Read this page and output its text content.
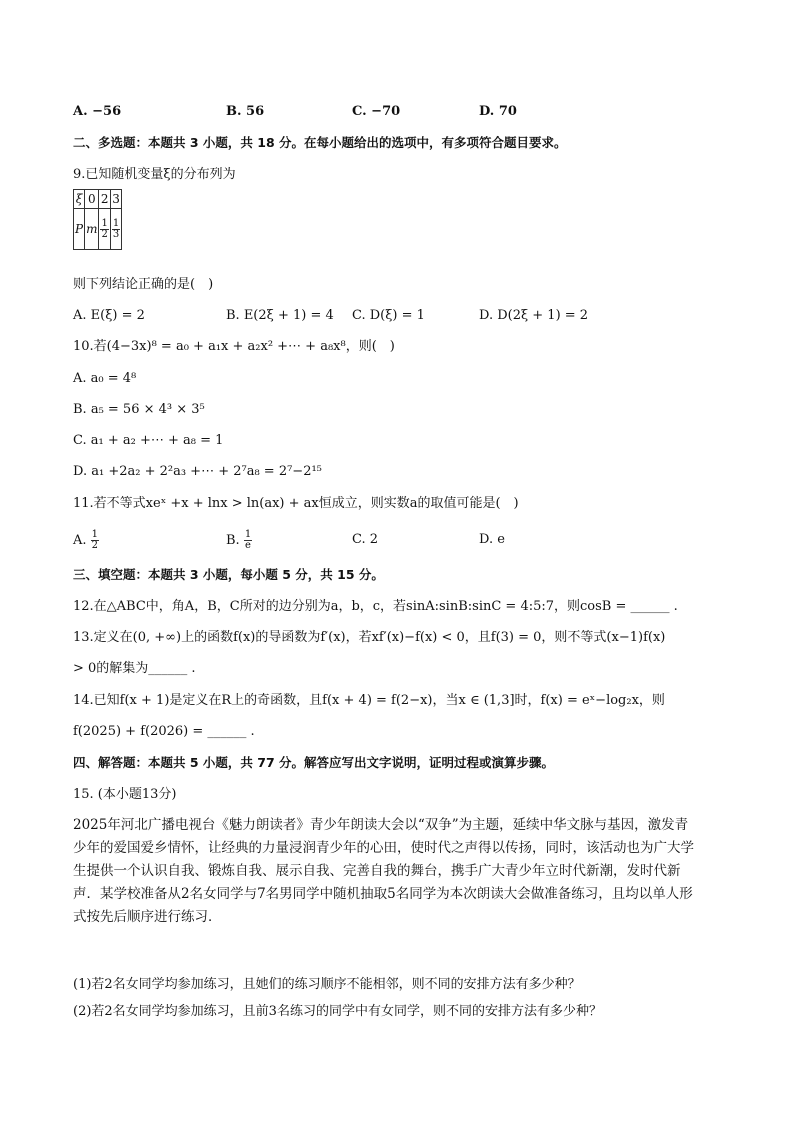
A. −56	B. 56	C. −70	D. 70
二、多选题：本题共 3 小题，共 18 分。在每小题给出的选项中，有多项符合题目要求。
9.已知随机变量ξ的分布列为
ξ	0	2	3
P	m	$\frac{1}{2}$	$\frac{1}{3}$
则下列结论正确的是(　)
A. E(ξ) = 2	B. E(2ξ + 1) = 4 C. D(ξ) = 1	D. D(2ξ + 1) = 2
10.若(4−3x)⁸ = a₀ + a₁x + a₂x² +⋯ + a₈x⁸，则(　)
A. a₀ = 4⁸
B. a₅ = 56 × 4³ × 3⁵
C. a₁ + a₂ +⋯ + a₈ = 1
D. a₁ +2a₂ + 2²a₃ +⋯ + 2⁷a₈ = 2⁷−2¹⁵
11.若不等式xeˣ +x + lnx > ln(ax) + ax恒成立，则实数a的取值可能是(　)
A. $\frac{1}{2}$	B. $\frac{1}{e}$	C. 2	D. e
三、填空题：本题共 3 小题，每小题 5 分，共 15 分。
12.在△ABC中，角A，B，C所对的边分别为a，b，c，若sinA:sinB:sinC = 4:5:7，则cosB = ______ .
13.定义在(0, +∞)上的函数f(x)的导函数为f′(x)，若xf′(x)−f(x) < 0，且f(3) = 0，则不等式(x−1)f(x)
> 0的解集为______ .
14.已知f(x + 1)是定义在R上的奇函数，且f(x + 4) = f(2−x)，当x ∈ (1,3]时，f(x) = eˣ−log₂x，则
f(2025) + f(2026) = ______ .
四、解答题：本题共 5 小题，共 77 分。解答应写出文字说明，证明过程或演算步骤。
15. (本小题13分)
2025年河北广播电视台《魅力朗读者》青少年朗读大会以“双争”为主题，延续中华文脉与基因，激发青
少年的爱国爱乡情怀，让经典的力量浸润青少年的心田，使时代之声得以传扬，同时，该活动也为广大学
生提供一个认识自我、锻炼自我、展示自我、完善自我的舞台，携手广大青少年立时代新潮，发时代新
声．某学校准备从2名女同学与7名男同学中随机抽取5名同学为本次朗读大会做准备练习，且均以单人形
式按先后顺序进行练习．
(1)若2名女同学均参加练习，且她们的练习顺序不能相邻，则不同的安排方法有多少种？
(2)若2名女同学均参加练习，且前3名练习的同学中有女同学，则不同的安排方法有多少种？
